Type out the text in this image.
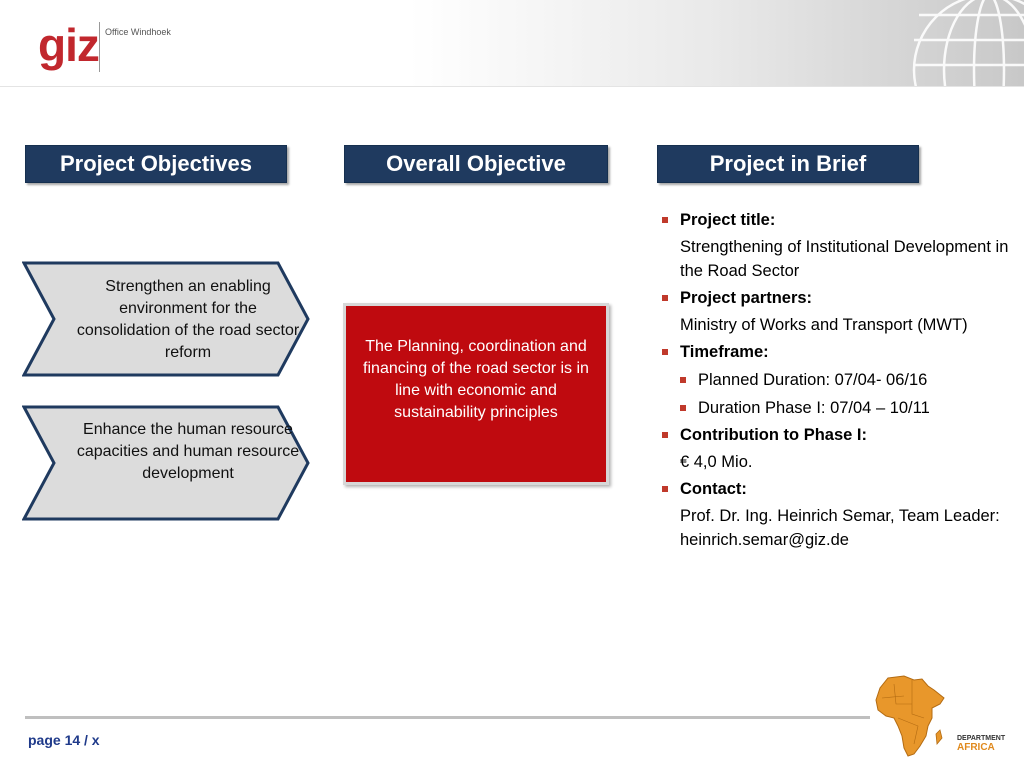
giz Office Windhoek
Project Objectives	Overall Objective	Project in Brief
Strengthen an enabling environment for the consolidation of the road sector reform
Enhance the human resource capacities and human resource development
The Planning, coordination and financing of the road sector is in line with economic and sustainability principles
Project title:
Strengthening of Institutional Development in the Road Sector
Project partners:
Ministry of Works and Transport (MWT)
Timeframe:
Planned Duration: 07/04- 06/16
Duration Phase I: 07/04 – 10/11
Contribution to Phase I:
€ 4,0 Mio.
Contact:
Prof. Dr. Ing. Heinrich Semar, Team Leader: heinrich.semar@giz.de
page 14 / x	DEPARTMENT
AFRICA
